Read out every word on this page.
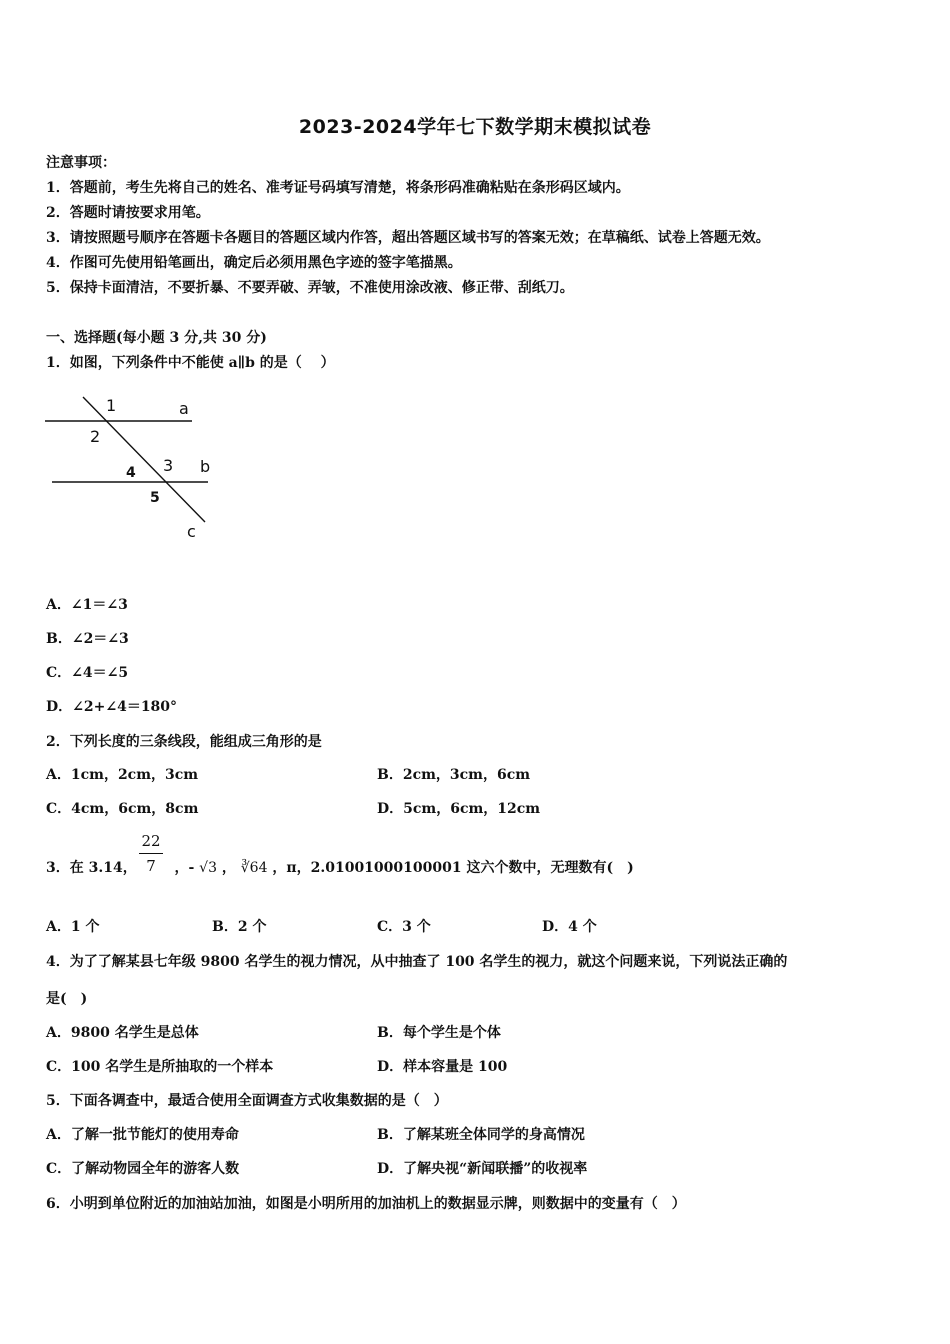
2023-2024学年七下数学期末模拟试卷
注意事项：
1．答题前，考生先将自己的姓名、准考证号码填写清楚，将条形码准确粘贴在条形码区域内。
2．答题时请按要求用笔。
3．请按照题号顺序在答题卡各题目的答题区域内作答，超出答题区域书写的答案无效；在草稿纸、试卷上答题无效。
4．作图可先使用铅笔画出，确定后必须用黑色字迹的签字笔描黑。
5．保持卡面清洁，不要折暴、不要弄破、弄皱，不准使用涂改液、修正带、刮纸刀。
一、选择题(每小题 3 分,共 30 分)
1．如图，下列条件中不能使 a∥b 的是（　 ）
1	a
2
3 b
4
5
c
A．∠1＝∠3
B．∠2＝∠3
C．∠4＝∠5
D．∠2+∠4＝180°
2．下列长度的三条线段，能组成三角形的是
A．1cm，2cm，3cm	B．2cm，3cm，6cm
C．4cm，6cm，8cm	D．5cm，6cm，12cm
3．在 3.14，	，- √3 ， ∛64 ，π，2.01001000100001 这六个数中，无理数有(　)
22
7
A．1 个	B．2 个	C．3 个	D．4 个
4．为了了解某县七年级 9800 名学生的视力情况，从中抽查了 100 名学生的视力，就这个问题来说，下列说法正确的
是(　)
A．9800 名学生是总体	B．每个学生是个体
C．100 名学生是所抽取的一个样本	D．样本容量是 100
5．下面各调查中，最适合使用全面调查方式收集数据的是（　）
A．了解一批节能灯的使用寿命	B．了解某班全体同学的身高情况
C．了解动物园全年的游客人数	D．了解央视“新闻联播”的收视率
6．小明到单位附近的加油站加油，如图是小明所用的加油机上的数据显示牌，则数据中的变量有（　）
